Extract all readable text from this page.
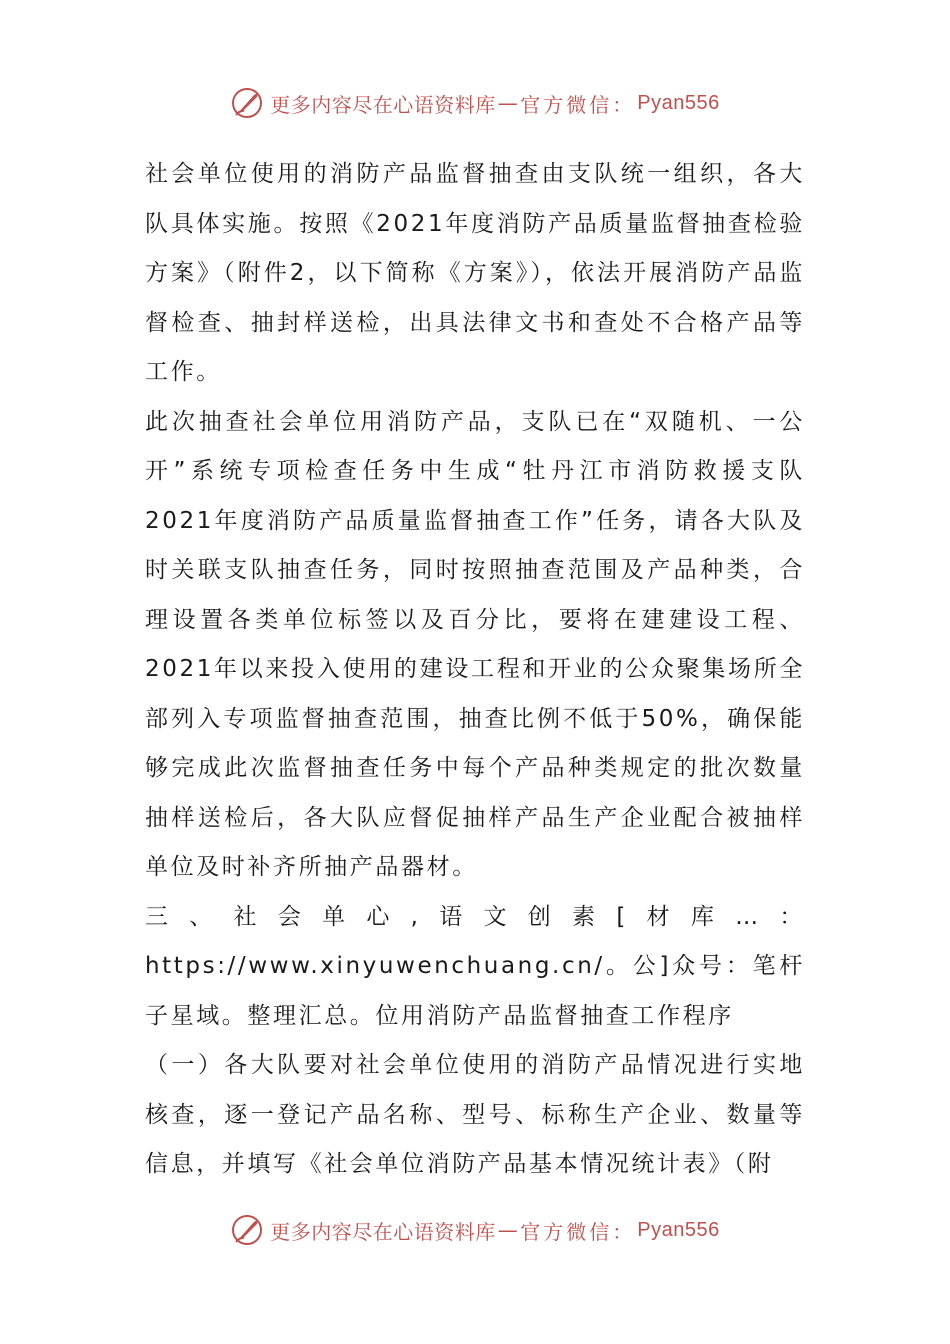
更多内容尽在心语资料库 — 官方微信： Pyan556

社会单位使用的消防产品监督抽查由支队统一组织，各大队具体实施。按照《2021年度消防产品质量监督抽查检验方案》（附件2，以下简称《方案》），依法开展消防产品监督检查、抽封样送检，出具法律文书和查处不合格产品等工作。

此次抽查社会单位用消防产品，支队已在“双随机、一公开”系统专项检查任务中生成“牡丹江市消防救援支队2021年度消防产品质量监督抽查工作”任务，请各大队及时关联支队抽查任务，同时按照抽查范围及产品种类，合理设置各类单位标签以及百分比，要将在建建设工程、2021年以来投入使用的建设工程和开业的公众聚集场所全部列入专项监督抽查范围，抽查比例不低于50%，确保能够完成此次监督抽查任务中每个产品种类规定的批次数量抽样送检后，各大队应督促抽样产品生产企业配合被抽样单位及时补齐所抽产品器材。

三、社会单心,语文创素[材库…：https://www.xinyuwenchuang.cn/。公]众号：笔杆子星域。整理汇总。位用消防产品监督抽查工作程序

（一）各大队要对社会单位使用的消防产品情况进行实地核查，逐一登记产品名称、型号、标称生产企业、数量等信息，并填写《社会单位消防产品基本情况统计表》（附

更多内容尽在心语资料库 — 官方微信： Pyan556
